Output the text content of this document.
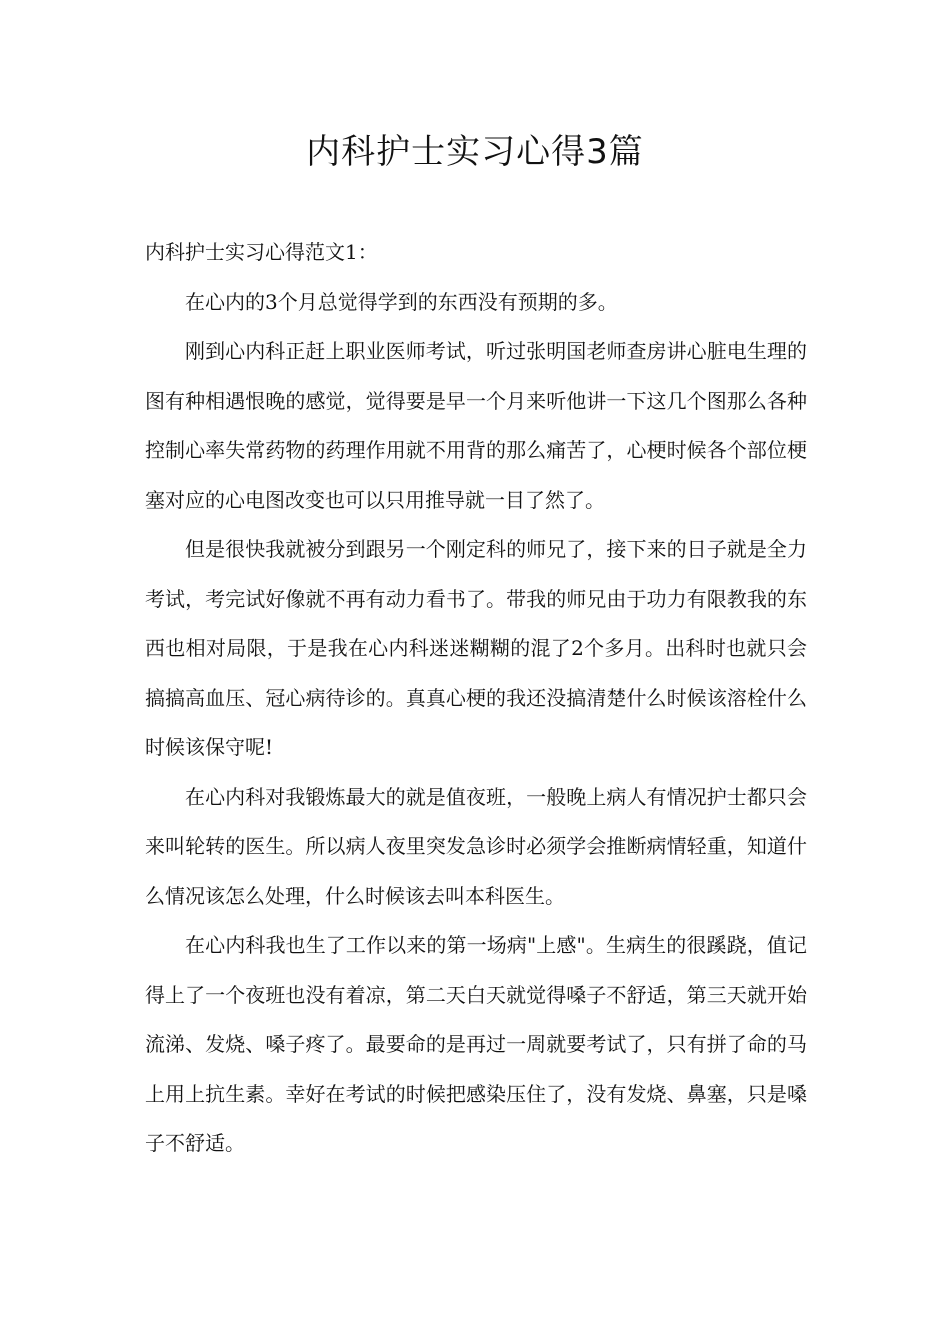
内科护士实习心得3篇

内科护士实习心得范文1：

在心内的3个月总觉得学到的东西没有预期的多。

刚到心内科正赶上职业医师考试，听过张明国老师查房讲心脏电生理的图有种相遇恨晚的感觉，觉得要是早一个月来听他讲一下这几个图那么各种控制心率失常药物的药理作用就不用背的那么痛苦了，心梗时候各个部位梗塞对应的心电图改变也可以只用推导就一目了然了。

但是很快我就被分到跟另一个刚定科的师兄了，接下来的日子就是全力考试，考完试好像就不再有动力看书了。带我的师兄由于功力有限教我的东西也相对局限，于是我在心内科迷迷糊糊的混了2个多月。出科时也就只会搞搞高血压、冠心病待诊的。真真心梗的我还没搞清楚什么时候该溶栓什么时候该保守呢!

在心内科对我锻炼最大的就是值夜班，一般晚上病人有情况护士都只会来叫轮转的医生。所以病人夜里突发急诊时必须学会推断病情轻重，知道什么情况该怎么处理，什么时候该去叫本科医生。

在心内科我也生了工作以来的第一场病"上感"。生病生的很蹊跷，值记得上了一个夜班也没有着凉，第二天白天就觉得嗓子不舒适，第三天就开始流涕、发烧、嗓子疼了。最要命的是再过一周就要考试了，只有拼了命的马上用上抗生素。幸好在考试的时候把感染压住了，没有发烧、鼻塞，只是嗓子不舒适。
